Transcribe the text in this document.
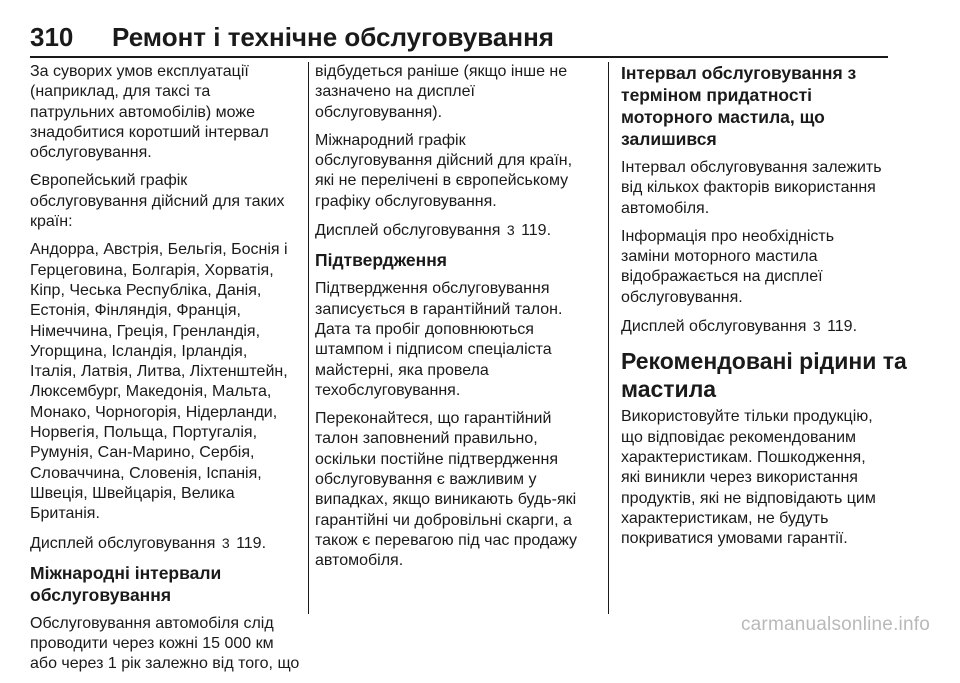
310 Ремонт і технічне обслуговування

За суворих умов експлуатації
(наприклад, для таксі та
патрульних автомобілів) може
знадобитися коротший інтервал
обслуговування.

Європейський графік
обслуговування дійсний для таких
країн:

Андорра, Австрія, Бельгія, Боснія і
Герцеговина, Болгарія, Хорватія,
Кіпр, Чеська Республіка, Данія,
Естонія, Фінляндія, Франція,
Німеччина, Греція, Гренландія,
Угорщина, Ісландія, Ірландія,
Італія, Латвія, Литва, Ліхтенштейн,
Люксембург, Македонія, Мальта,
Монако, Чорногорія, Нідерланди,
Норвегія, Польща, Португалія,
Румунія, Сан-Марино, Сербія,
Словаччина, Словенія, Іспанія,
Швеція, Швейцарія, Велика
Британія.

Дисплей обслуговування 3 119.

Міжнародні інтервали
обслуговування

Обслуговування автомобіля слід
проводити через кожні 15 000 км
або через 1 рік залежно від того, що

відбудеться раніше (якщо інше не
зазначено на дисплеї
обслуговування).

Міжнародний графік
обслуговування дійсний для країн,
які не перелічені в європейському
графіку обслуговування.

Дисплей обслуговування 3 119.

Підтвердження

Підтвердження обслуговування
записується в гарантійний талон.
Дата та пробіг доповнюються
штампом і підписом спеціаліста
майстерні, яка провела
техобслуговування.

Переконайтеся, що гарантійний
талон заповнений правильно,
оскільки постійне підтвердження
обслуговування є важливим у
випадках, якщо виникають будь-які
гарантійні чи добровільні скарги, а
також є перевагою під час продажу
автомобіля.

Інтервал обслуговування з
терміном придатності
моторного мастила, що
залишився

Інтервал обслуговування залежить
від кількох факторів використання
автомобіля.

Інформація про необхідність
заміни моторного мастила
відображається на дисплеї
обслуговування.

Дисплей обслуговування 3 119.

Рекомендовані рідини та
мастила

Використовуйте тільки продукцію,
що відповідає рекомендованим
характеристикам. Пошкодження,
які виникли через використання
продуктів, які не відповідають цим
характеристикам, не будуть
покриватися умовами гарантії.

carmanualsonline.info
